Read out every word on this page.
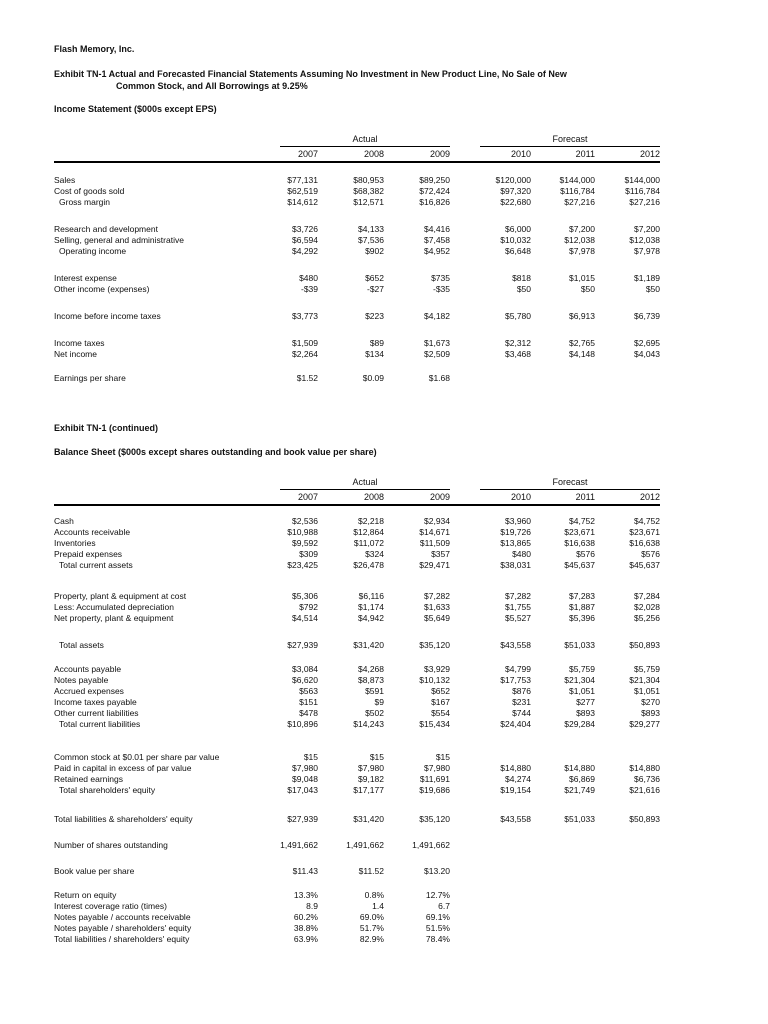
Flash Memory, Inc.
Exhibit TN-1 Actual and Forecasted Financial Statements Assuming No Investment in New Product Line, No Sale of New
Common Stock, and All Borrowings at 9.25%
Income Statement ($000s except EPS)
Actual	Forecast
2007	2008	2009	2010	2011	2012
Sales	$77,131	$80,953	$89,250	$120,000	$144,000	$144,000
Cost of goods sold	$62,519	$68,382	$72,424	$97,320	$116,784	$116,784
Gross margin	$14,612	$12,571	$16,826	$22,680	$27,216	$27,216
Research and development	$3,726	$4,133	$4,416	$6,000	$7,200	$7,200
Selling, general and administrative	$6,594	$7,536	$7,458	$10,032	$12,038	$12,038
Operating income	$4,292	$902	$4,952	$6,648	$7,978	$7,978
Interest expense	$480	$652	$735	$818	$1,015	$1,189
Other income (expenses)	-$39	-$27	-$35	$50	$50	$50
Income before income taxes	$3,773	$223	$4,182	$5,780	$6,913	$6,739
Income taxes	$1,509	$89	$1,673	$2,312	$2,765	$2,695
Net income	$2,264	$134	$2,509	$3,468	$4,148	$4,043
Earnings per share	$1.52	$0.09	$1.68
Exhibit TN-1 (continued)
Balance Sheet ($000s except shares outstanding and book value per share)
Actual	Forecast
2007	2008	2009	2010	2011	2012
Cash	$2,536	$2,218	$2,934	$3,960	$4,752	$4,752
Accounts receivable	$10,988	$12,864	$14,671	$19,726	$23,671	$23,671
Inventories	$9,592	$11,072	$11,509	$13,865	$16,638	$16,638
Prepaid expenses	$309	$324	$357	$480	$576	$576
Total current assets	$23,425	$26,478	$29,471	$38,031	$45,637	$45,637
Property, plant & equipment at cost	$5,306	$6,116	$7,282	$7,282	$7,283	$7,284
Less: Accumulated depreciation	$792	$1,174	$1,633	$1,755	$1,887	$2,028
Net property, plant & equipment	$4,514	$4,942	$5,649	$5,527	$5,396	$5,256
Total assets	$27,939	$31,420	$35,120	$43,558	$51,033	$50,893
Accounts payable	$3,084	$4,268	$3,929	$4,799	$5,759	$5,759
Notes payable	$6,620	$8,873	$10,132	$17,753	$21,304	$21,304
Accrued expenses	$563	$591	$652	$876	$1,051	$1,051
Income taxes payable	$151	$9	$167	$231	$277	$270
Other current liabilities	$478	$502	$554	$744	$893	$893
Total current liabilities	$10,896	$14,243	$15,434	$24,404	$29,284	$29,277
Common stock at $0.01 per share par value	$15	$15	$15
Paid in capital in excess of par value	$7,980	$7,980	$7,980	$14,880	$14,880	$14,880
Retained earnings	$9,048	$9,182	$11,691	$4,274	$6,869	$6,736
Total shareholders' equity	$17,043	$17,177	$19,686	$19,154	$21,749	$21,616
Total liabilities & shareholders' equity	$27,939	$31,420	$35,120	$43,558	$51,033	$50,893
Number of shares outstanding	1,491,662	1,491,662	1,491,662
Book value per share	$11.43	$11.52	$13.20
Return on equity	13.3%	0.8%	12.7%
Interest coverage ratio (times)	8.9	1.4	6.7
Notes payable / accounts receivable	60.2%	69.0%	69.1%
Notes payable / shareholders' equity	38.8%	51.7%	51.5%
Total liabilities / shareholders' equity	63.9%	82.9%	78.4%
